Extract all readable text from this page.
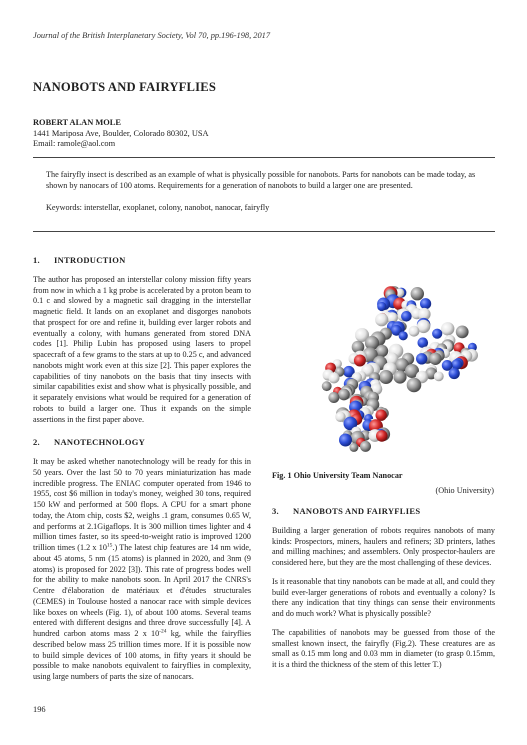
Journal of the British Interplanetary Society, Vol 70, pp.196-198, 2017
NANOBOTS AND FAIRYFLIES
ROBERT ALAN MOLE
1441 Mariposa Ave, Boulder, Colorado 80302, USA
Email: ramole@aol.com
The fairyfly insect is described as an example of what is physically possible for nanobots. Parts for nanobots can be made today, as shown by nanocars of 100 atoms. Requirements for a generation of nanobots to build a larger one are presented.
Keywords: interstellar, exoplanet, colony, nanobot, nanocar, fairyfly
1. INTRODUCTION

The author has proposed an interstellar colony mission fifty years from now in which a 1 kg probe is accelerated by a proton beam to 0.1 c and slowed by a magnetic sail dragging in the interstellar magnetic field. It lands on an exoplanet and disgorges nanobots that prospect for ore and refine it, building ever larger robots and eventually a colony, with humans generated from stored DNA codes [1]. Philip Lubin has proposed using lasers to propel spacecraft of a few grams to the stars at up to 0.25 c, and advanced nanobots might work even at this size [2]. This paper explores the capabilities of tiny nanobots on the basis that tiny insects with similar capabilities exist and show what is physically possible, and it separately envisions what would be required for a generation of robots to build a larger one. Thus it expands on the simple assertions in the first paper above.

2. NANOTECHNOLOGY

It may be asked whether nanotechnology will be ready for this in 50 years. Over the last 50 to 70 years miniaturization has made incredible progress. The ENIAC computer operated from 1946 to 1955, cost $6 million in today's money, weighed 30 tons, required 150 kW and performed at 500 flops. A CPU for a smart phone today, the Atom chip, costs $2, weighs .1 gram, consumes 0.65 W, and performs at 2.1Gigaflops. It is 300 million times lighter and 4 million times faster, so its speed-to-weight ratio is improved 1200 trillion times (1.2 x $10^{15}$.) The latest chip features are 14 nm wide, about 45 atoms, 5 nm (15 atoms) is planned in 2020, and 3nm (9 atoms) is proposed for 2022 [3]). This rate of progress bodes well for the ability to make nanobots soon. In April 2017 the CNRS's Centre d'élaboration de matériaux et d'études structurales (CEMES) in Toulouse hosted a nanocar race with simple devices like boxes on wheels (Fig. 1), of about 100 atoms. Several teams entered with different designs and three drove successfully [4]. A hundred carbon atoms mass 2 x $10^{-24}$ kg, while the fairyflies described below mass 25 trillion times more. If it is possible now to build simple devices of 100 atoms, in fifty years it should be possible to make nanobots equivalent to fairyflies in complexity, using large numbers of parts the size of nanocars.

Fig. 1 Ohio University Team Nanocar
(Ohio University)
3. NANOBOTS AND FAIRYFLIES

Building a larger generation of robots requires nanobots of many kinds: Prospectors, miners, haulers and refiners; 3D printers, lathes and milling machines; and assemblers. Only prospector-haulers are considered here, but they are the most challenging of these devices.

Is it reasonable that tiny nanobots can be made at all, and could they build ever-larger generations of robots and eventually a colony? Is there any indication that tiny things can sense their environments and do much work? What is physically possible?

The capabilities of nanobots may be guessed from those of the smallest known insect, the fairyfly (Fig.2). These creatures are as small as 0.15 mm long and 0.03 mm in diameter (to grasp 0.15mm, it is a third the thickness of the stem of this letter T.)

196
